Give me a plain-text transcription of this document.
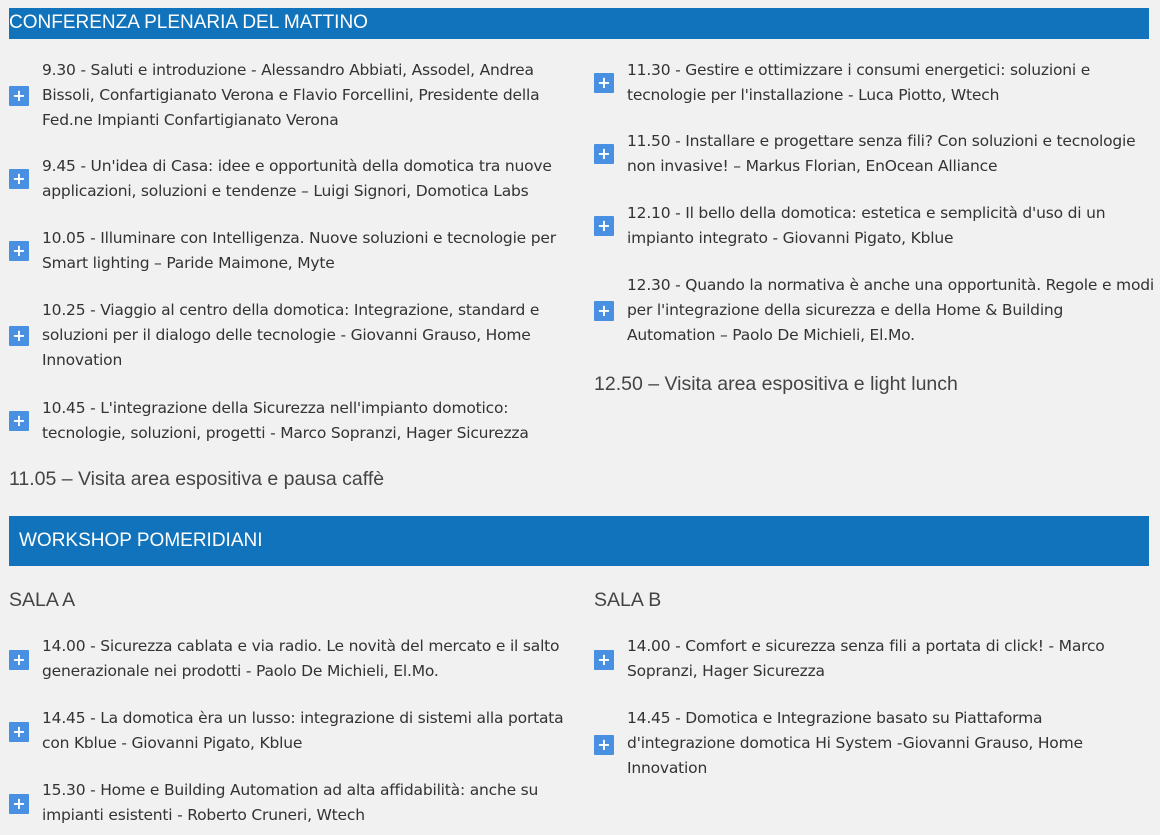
CONFERENZA PLENARIA DEL MATTINO
+
9.30 - Saluti e introduzione - Alessandro Abbiati, Assodel, Andrea Bissoli, Confartigianato Verona e Flavio Forcellini, Presidente della Fed.ne Impianti Confartigianato Verona
+
9.45 - Un'idea di Casa: idee e opportunità della domotica tra nuove applicazioni, soluzioni e tendenze – Luigi Signori, Domotica Labs
+
10.05 - Illuminare con Intelligenza. Nuove soluzioni e tecnologie per Smart lighting – Paride Maimone, Myte
+
10.25 - Viaggio al centro della domotica: Integrazione, standard e soluzioni per il dialogo delle tecnologie - Giovanni Grauso, Home Innovation
+
10.45 - L'integrazione della Sicurezza nell'impianto domotico: tecnologie, soluzioni, progetti - Marco Sopranzi, Hager Sicurezza
11.05 – Visita area espositiva e pausa caffè
+
11.30 - Gestire e ottimizzare i consumi energetici: soluzioni e tecnologie per l'installazione - Luca Piotto, Wtech
+
11.50 - Installare e progettare senza fili? Con soluzioni e tecnologie non invasive! – Markus Florian, EnOcean Alliance
+
12.10 - Il bello della domotica: estetica e semplicità d'uso di un impianto integrato - Giovanni Pigato, Kblue
+
12.30 - Quando la normativa è anche una opportunità. Regole e modi per l'integrazione della sicurezza e della Home & Building Automation – Paolo De Michieli, El.Mo.
12.50 – Visita area espositiva e light lunch
WORKSHOP POMERIDIANI
SALA A
+
14.00 - Sicurezza cablata e via radio. Le novità del mercato e il salto generazionale nei prodotti - Paolo De Michieli, El.Mo.
+
14.45 - La domotica èra un lusso: integrazione di sistemi alla portata con Kblue - Giovanni Pigato, Kblue
+
15.30 - Home e Building Automation ad alta affidabilità: anche su impianti esistenti - Roberto Cruneri, Wtech
SALA B
+
14.00 - Comfort e sicurezza senza fili a portata di click! - Marco Sopranzi, Hager Sicurezza
+
14.45 - Domotica e Integrazione basato su Piattaforma d'integrazione domotica Hi System -Giovanni Grauso, Home Innovation
